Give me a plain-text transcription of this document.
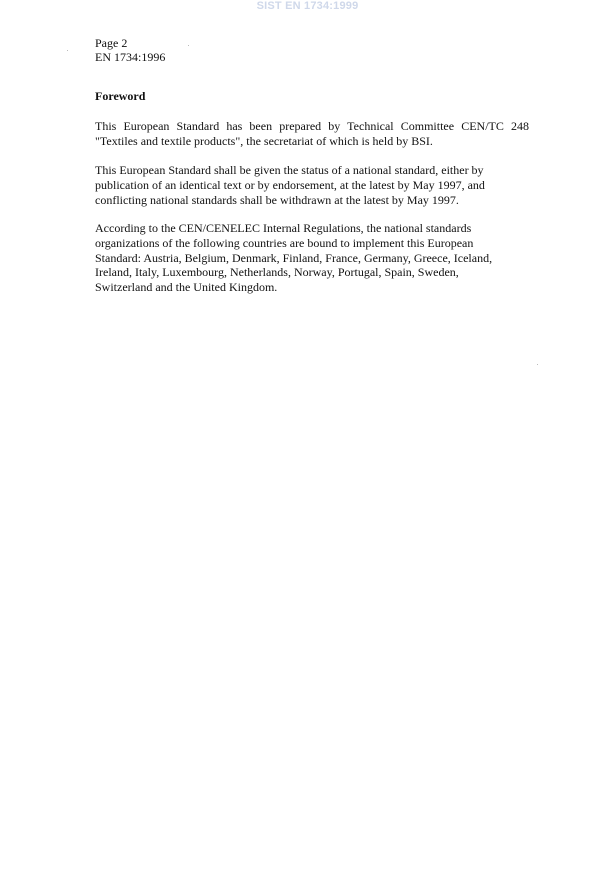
SIST EN 1734:1999
Page 2
EN 1734:1996
Foreword

This European Standard has been prepared by Technical Committee CEN/TC 248
"Textiles and textile products", the secretariat of which is held by BSI.

This European Standard shall be given the status of a national standard, either by
publication of an identical text or by endorsement, at the latest by May 1997, and
conflicting national standards shall be withdrawn at the latest by May 1997.

According to the CEN/CENELEC Internal Regulations, the national standards
organizations of the following countries are bound to implement this European
Standard: Austria, Belgium, Denmark, Finland, France, Germany, Greece, Iceland,
Ireland, Italy, Luxembourg, Netherlands, Norway, Portugal, Spain, Sweden,
Switzerland and the United Kingdom.
